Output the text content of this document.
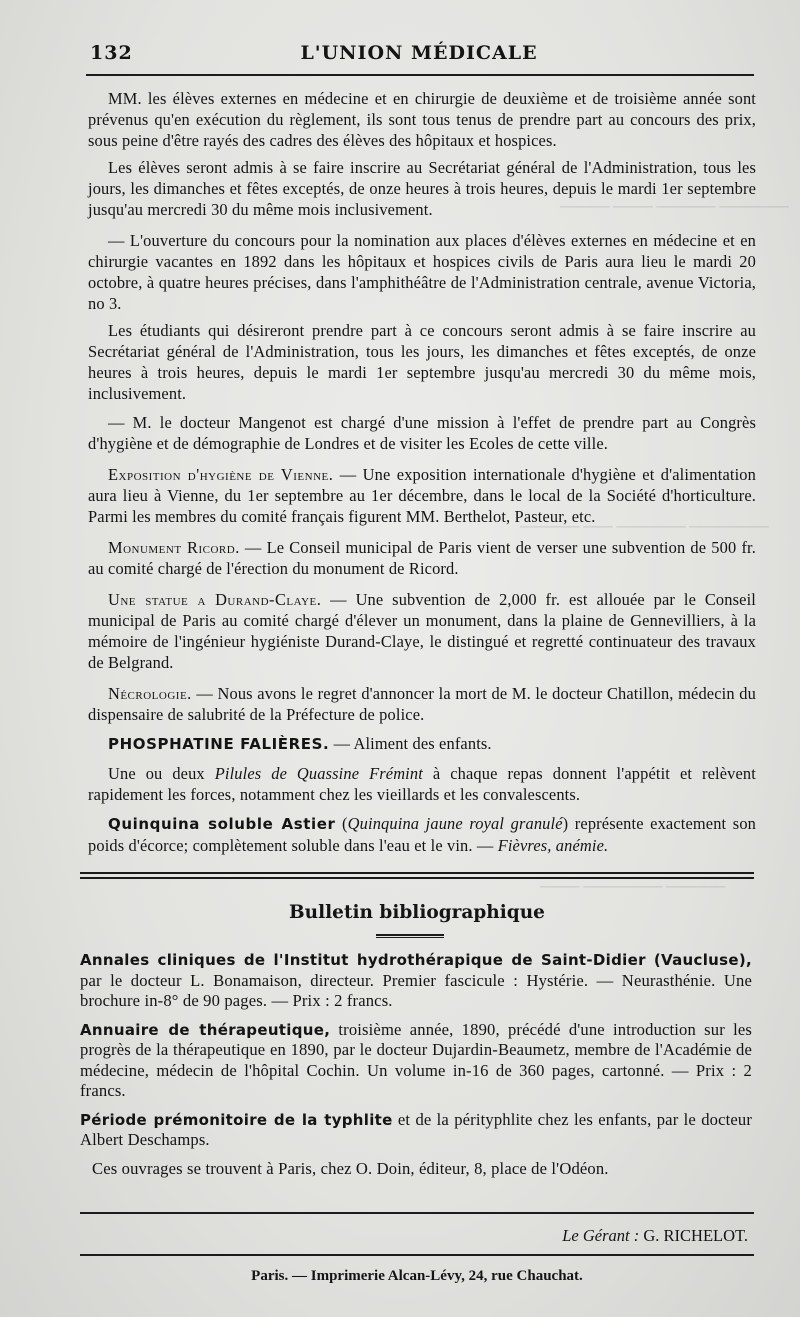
─────── ────── ──── ─────
──────── ─────── ─── ──────
────── ──────── ────
132	L'UNION MÉDICALE

MM. les élèves externes en médecine et en chirurgie de deuxième et de troisième année sont prévenus qu'en exécution du règlement, ils sont tous tenus de prendre part au concours des prix, sous peine d'être rayés des cadres des élèves des hôpitaux et hospices.

Les élèves seront admis à se faire inscrire au Secrétariat général de l'Administration, tous les jours, les dimanches et fêtes exceptés, de onze heures à trois heures, depuis le mardi 1er septembre jusqu'au mercredi 30 du même mois inclusivement.

— L'ouverture du concours pour la nomination aux places d'élèves externes en médecine et en chirurgie vacantes en 1892 dans les hôpitaux et hospices civils de Paris aura lieu le mardi 20 octobre, à quatre heures précises, dans l'amphithéâtre de l'Administration centrale, avenue Victoria, no 3.

Les étudiants qui désireront prendre part à ce concours seront admis à se faire inscrire au Secrétariat général de l'Administration, tous les jours, les dimanches et fêtes exceptés, de onze heures à trois heures, depuis le mardi 1er septembre jusqu'au mercredi 30 du même mois, inclusivement.

— M. le docteur Mangenot est chargé d'une mission à l'effet de prendre part au Congrès d'hygiène et de démographie de Londres et de visiter les Ecoles de cette ville.

Exposition d'hygiène de Vienne. — Une exposition internationale d'hygiène et d'alimentation aura lieu à Vienne, du 1er septembre au 1er décembre, dans le local de la Société d'horticulture. Parmi les membres du comité français figurent MM. Berthelot, Pasteur, etc.

Monument Ricord. — Le Conseil municipal de Paris vient de verser une subvention de 500 fr. au comité chargé de l'érection du monument de Ricord.

Une statue a Durand-Claye. — Une subvention de 2,000 fr. est allouée par le Conseil municipal de Paris au comité chargé d'élever un monument, dans la plaine de Gennevilliers, à la mémoire de l'ingénieur hygiéniste Durand-Claye, le distingué et regretté continuateur des travaux de Belgrand.

Nécrologie. — Nous avons le regret d'annoncer la mort de M. le docteur Chatillon, médecin du dispensaire de salubrité de la Préfecture de police.

PHOSPHATINE FALIÈRES. — Aliment des enfants.

Une ou deux Pilules de Quassine Frémint à chaque repas donnent l'appétit et relèvent rapidement les forces, notamment chez les vieillards et les convalescents.

Quinquina soluble Astier (Quinquina jaune royal granulé) représente exactement son poids d'écorce; complètement soluble dans l'eau et le vin. — Fièvres, anémie.

Bulletin bibliographique

Annales cliniques de l'Institut hydrothérapique de Saint-Didier (Vaucluse), par le docteur L. Bonamaison, directeur. Premier fascicule : Hystérie. — Neurasthénie. Une brochure in-8° de 90 pages. — Prix : 2 francs.

Annuaire de thérapeutique, troisième année, 1890, précédé d'une introduction sur les progrès de la thérapeutique en 1890, par le docteur Dujardin-Beaumetz, membre de l'Académie de médecine, médecin de l'hôpital Cochin. Un volume in-16 de 360 pages, cartonné. — Prix : 2 francs.

Période prémonitoire de la typhlite et de la pérityphlite chez les enfants, par le docteur Albert Deschamps.

Ces ouvrages se trouvent à Paris, chez O. Doin, éditeur, 8, place de l'Odéon.

Le Gérant : G. RICHELOT.
Paris. — Imprimerie Alcan-Lévy, 24, rue Chauchat.
